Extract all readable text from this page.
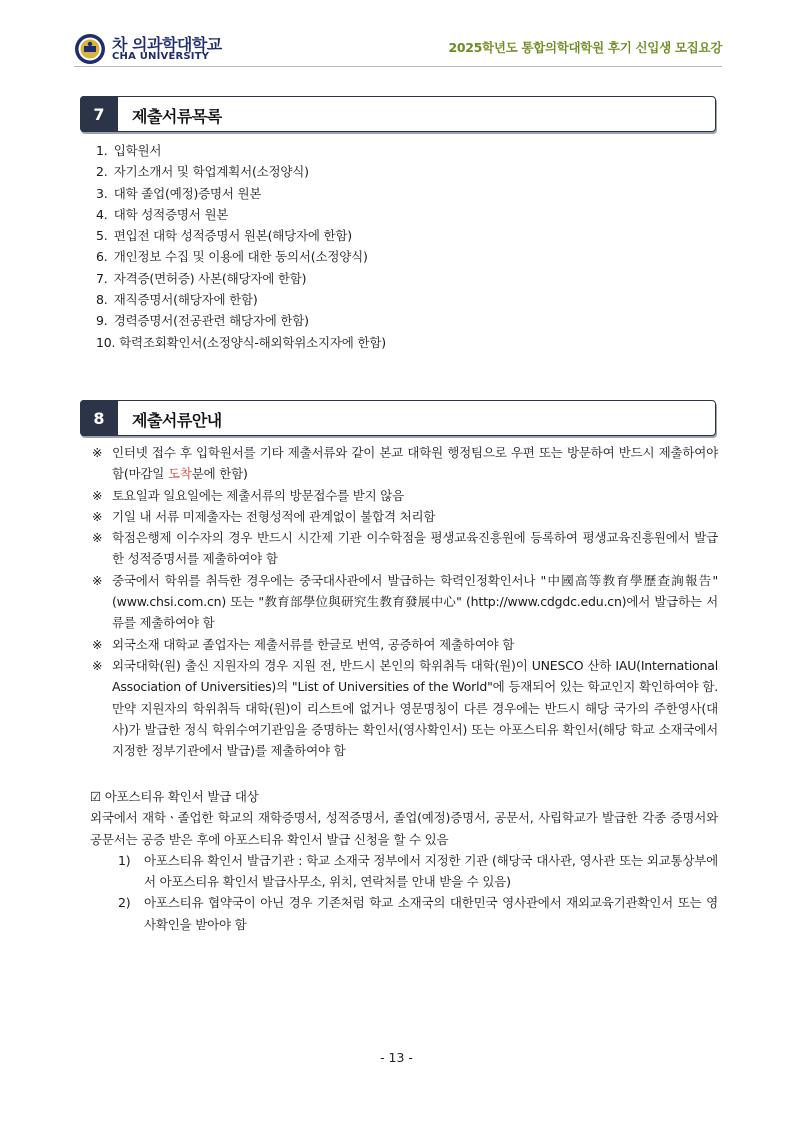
차 의과학대학교
CHA UNIVERSITY
2025학년도 통합의학대학원 후기 신입생 모집요강
7	제출서류목록
1. 입학원서
2. 자기소개서 및 학업계획서(소정양식)
3. 대학 졸업(예정)증명서 원본
4. 대학 성적증명서 원본
5. 편입전 대학 성적증명서 원본(해당자에 한함)
6. 개인정보 수집 및 이용에 대한 동의서(소정양식)
7. 자격증(면허증) 사본(해당자에 한함)
8. 재직증명서(해당자에 한함)
9. 경력증명서(전공관련 해당자에 한함)
10. 학력조회확인서(소정양식-해외학위소지자에 한함)
8	제출서류안내
※ 인터넷 접수 후 입학원서를 기타 제출서류와 같이 본교 대학원 행정팀으로 우편 또는 방문하여 반드시 제출하여야 함(마감일 도착분에 한함)
※ 토요일과 일요일에는 제출서류의 방문접수를 받지 않음
※ 기일 내 서류 미제출자는 전형성적에 관계없이 불합격 처리함
※ 학점은행제 이수자의 경우 반드시 시간제 기관 이수학점을 평생교육진흥원에 등록하여 평생교육진흥원에서 발급한 성적증명서를 제출하여야 함
※ 중국에서 학위를 취득한 경우에는 중국대사관에서 발급하는 학력인정확인서나 "中國高等教育學歷查詢報告" (www.chsi.com.cn) 또는 "教育部學位與研究生教育發展中心" (http://www.cdgdc.edu.cn)에서 발급하는 서류를 제출하여야 함
※ 외국소재 대학교 졸업자는 제출서류를 한글로 번역, 공증하여 제출하여야 함
※ 외국대학(원) 출신 지원자의 경우 지원 전, 반드시 본인의 학위취득 대학(원)이 UNESCO 산하 IAU(International Association of Universities)의 "List of Universities of the World"에 등재되어 있는 학교인지 확인하여야 함. 만약 지원자의 학위취득 대학(원)이 리스트에 없거나 영문명칭이 다른 경우에는 반드시 해당 국가의 주한영사(대사)가 발급한 정식 학위수여기관임을 증명하는 확인서(영사확인서) 또는 아포스티유 확인서(해당 학교 소재국에서 지정한 정부기관에서 발급)를 제출하여야 함
☑ 아포스티유 확인서 발급 대상
외국에서 재학ㆍ졸업한 학교의 재학증명서, 성적증명서, 졸업(예정)증명서, 공문서, 사립학교가 발급한 각종 증명서와 공문서는 공증 받은 후에 아포스티유 확인서 발급 신청을 할 수 있음
1) 아포스티유 확인서 발급기관 : 학교 소재국 정부에서 지정한 기관 (해당국 대사관, 영사관 또는 외교통상부에서 아포스티유 확인서 발급사무소, 위치, 연락처를 안내 받을 수 있음)
2) 아포스티유 협약국이 아닌 경우 기존처럼 학교 소재국의 대한민국 영사관에서 재외교육기관확인서 또는 영사확인을 받아야 함
- 13 -
